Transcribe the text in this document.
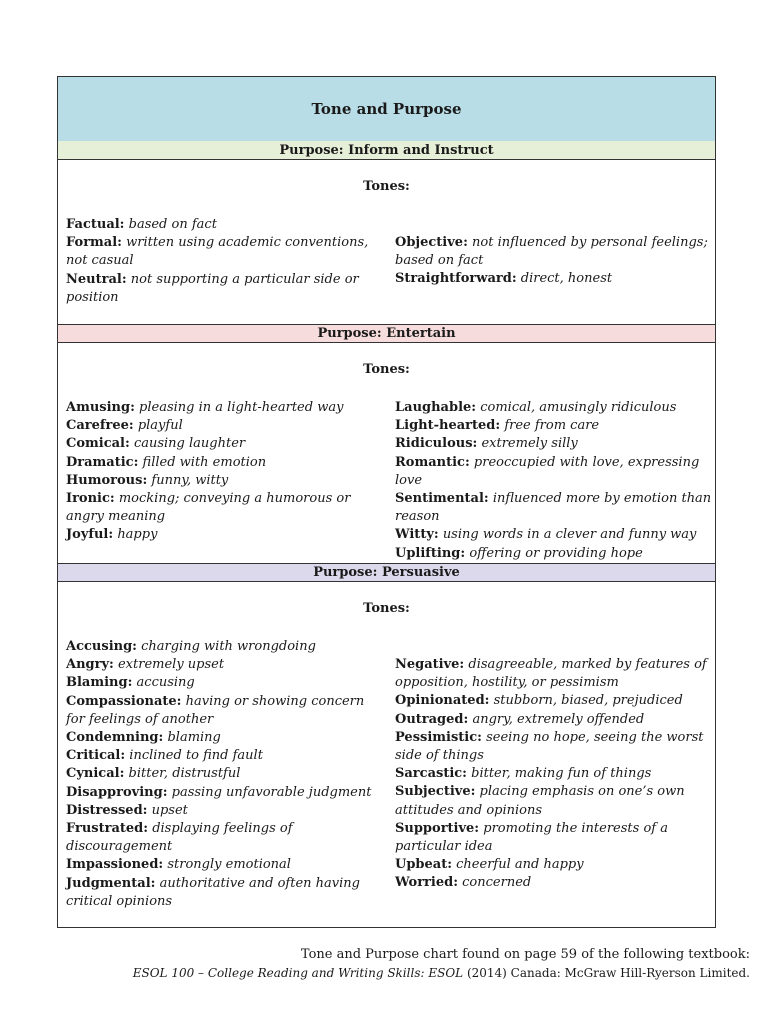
Tone and Purpose
Purpose: Inform and Instruct
Tones:
Factual: based on fact
Formal: written using academic conventions, not casual
Neutral: not supporting a particular side or position
Objective: not influenced by personal feelings; based on fact
Straightforward: direct, honest
Purpose: Entertain
Tones:
Amusing: pleasing in a light-hearted way
Carefree: playful
Comical: causing laughter
Dramatic: filled with emotion
Humorous: funny, witty
Ironic: mocking; conveying a humorous or angry meaning
Joyful: happy
Laughable: comical, amusingly ridiculous
Light-hearted: free from care
Ridiculous: extremely silly
Romantic: preoccupied with love, expressing love
Sentimental: influenced more by emotion than reason
Witty: using words in a clever and funny way
Uplifting: offering or providing hope
Purpose: Persuasive
Tones:
Accusing: charging with wrongdoing
Angry: extremely upset
Blaming: accusing
Compassionate: having or showing concern for feelings of another
Condemning: blaming
Critical: inclined to find fault
Cynical: bitter, distrustful
Disapproving: passing unfavorable judgment
Distressed: upset
Frustrated: displaying feelings of discouragement
Impassioned: strongly emotional
Judgmental: authoritative and often having critical opinions
Negative: disagreeable, marked by features of opposition, hostility, or pessimism
Opinionated: stubborn, biased, prejudiced
Outraged: angry, extremely offended
Pessimistic: seeing no hope, seeing the worst side of things
Sarcastic: bitter, making fun of things
Subjective: placing emphasis on one’s own attitudes and opinions
Supportive: promoting the interests of a particular idea
Upbeat: cheerful and happy
Worried: concerned
Tone and Purpose chart found on page 59 of the following textbook:
ESOL 100 – College Reading and Writing Skills: ESOL (2014) Canada: McGraw Hill-Ryerson Limited.
